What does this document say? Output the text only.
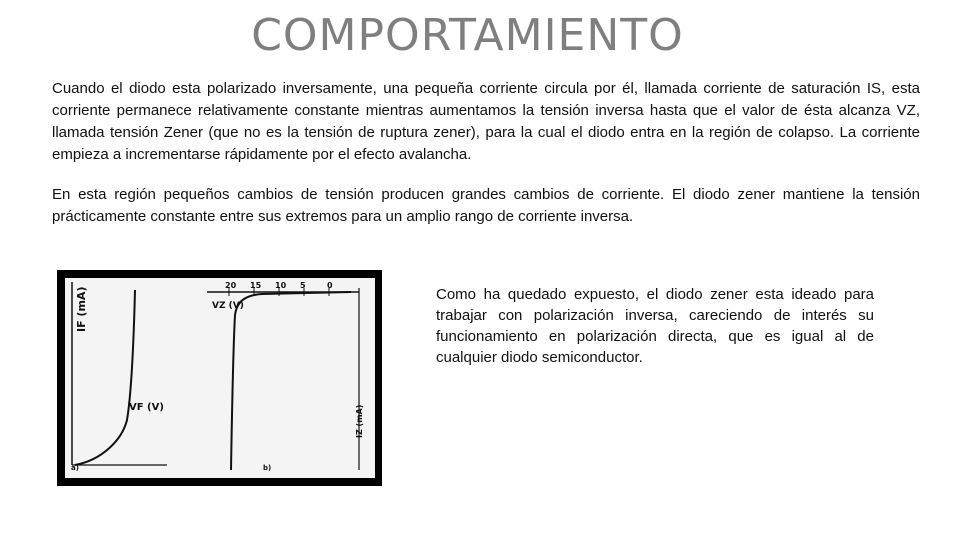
COMPORTAMIENTO

Cuando el diodo esta polarizado inversamente, una pequeña corriente circula por él, llamada corriente de saturación IS, esta corriente permanece relativamente constante mientras aumentamos la tensión inversa hasta que el valor de ésta alcanza VZ, llamada tensión Zener (que no es la tensión de ruptura zener), para la cual el diodo entra en la región de colapso. La corriente empieza a incrementarse rápidamente por el efecto avalancha.

En esta región pequeños cambios de tensión producen grandes cambios de corriente. El diodo zener mantiene la tensión prácticamente constante entre sus extremos para un amplio rango de corriente inversa.

IF (mA)
VF (V)
a)
20 15 10 5	0
VZ (V)
IZ (mA)
b)

Como ha quedado expuesto, el diodo zener esta ideado para trabajar con polarización inversa, careciendo de interés su funcionamiento en polarización directa, que es igual al de cualquier diodo semiconductor.
